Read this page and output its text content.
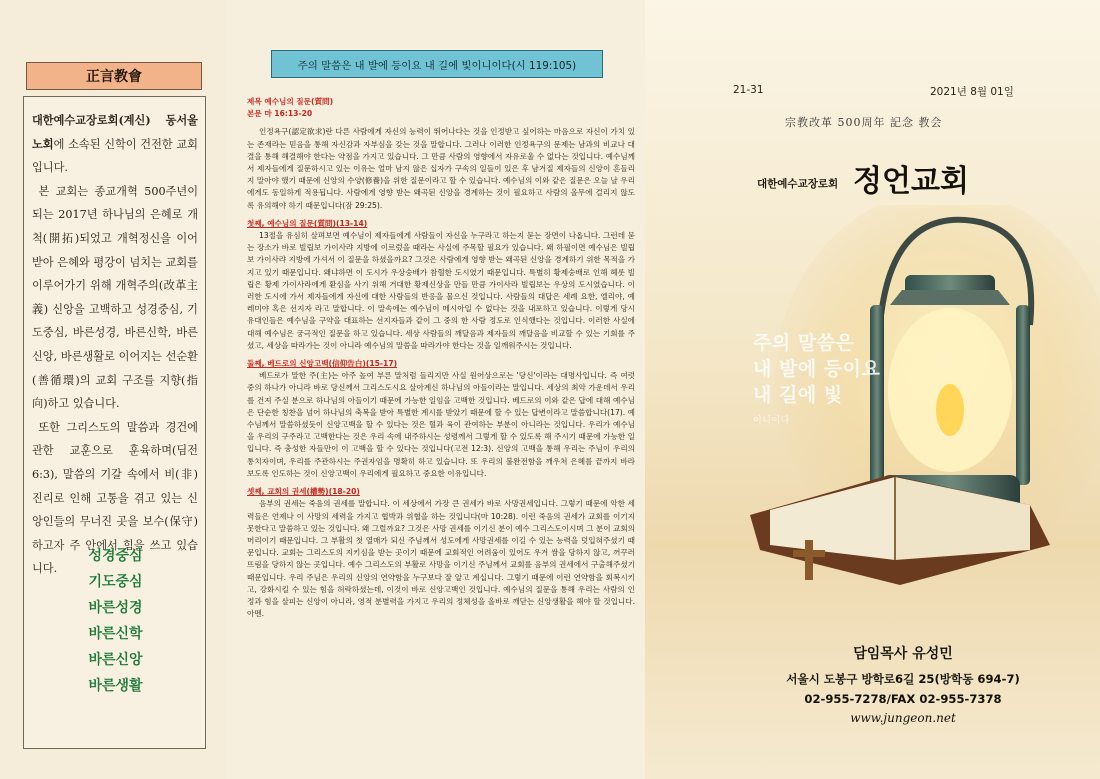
正言教會

대한예수교장로회(계신) 동서울 노회에 소속된 신학이 건전한 교회입니다.

본 교회는 종교개혁 500주년이 되는 2017년 하나님의 은혜로 개척(開拓)되었고 개혁정신을 이어받아 은혜와 평강이 넘치는 교회를 이루어가기 위해 개혁주의(改革主義) 신앙을 고백하고 성경중심, 기도중심, 바른성경, 바른신학, 바른신앙, 바른생활로 이어지는 선순환(善循環)의 교회 구조를 지향(指向)하고 있습니다.

또한 그리스도의 말씀과 경건에 관한 교훈으로 훈육하며(딤전 6:3), 말씀의 기갈 속에서 비(非) 진리로 인해 고통을 겪고 있는 신앙인들의 무너진 곳을 보수(保守)하고자 주 안에서 힘을 쓰고 있습니다.

성경중심
기도중심
바른성경
바른신학
바른신앙
바른생활
주의 말씀은 내 발에 등이요 내 길에 빛이니이다(시 119:105)
제목 예수님의 질문(質問)
본문 마 16:13-20

인정욕구(認定欲求)란 다른 사람에게 자신의 능력이 뛰어나다는 것을 인정받고 싶어하는 마음으로 자신이 가치 있는 존재라는 믿음을 통해 자신감과 자부심을 갖는 것을 말합니다. 그러나 이러한 인정욕구의 문제는 남과의 비교나 대결을 통해 해결해야 한다는 약점을 가지고 있습니다. 그 만큼 사람의 영향에서 자유로울 수 없다는 것입니다. 예수님께서 제자들에게 질문하시고 있는 이유는 얼마 남지 않은 십자가 구속의 일들이 있은 후 남겨질 제자들의 신앙이 흔들리지 말아야 했기 때문에 신앙의 수양(修養)을 위한 질문이라고 할 수 있습니다. 예수님의 이와 같은 질문은 오늘 날 우리에게도 동일하게 적용됩니다. 사람에게 영향 받는 왜곡된 신앙을 경계하는 것이 필요하고 사람의 올무에 걸리지 않도록 유의해야 하기 때문입니다(잠 29:25).

첫째, 예수님의 질문(質問)(13-14)

13절을 유심히 살펴보면 예수님이 제자들에게 사람들이 자신을 누구라고 하는지 묻는 장면이 나옵니다. 그런데 묻는 장소가 바로 빌립보 가이사랴 지방에 이르렀을 때라는 사실에 주목할 필요가 있습니다. 왜 하필이면 예수님은 빌립보 가이사랴 지방에 가셔서 이 질문을 하셨을까요? 그것은 사람에게 영향 받는 왜곡된 신앙을 경계하기 위한 목적을 가지고 있기 때문입니다. 왜냐하면 이 도시가 우상숭배가 참혈한 도시였기 때문입니다. 특별히 황제숭배로 인해 헤롯 빌립은 황제 가이사라에게 환심을 사기 위해 거대한 황제신상을 만들 만큼 가이사라 빌립보는 우상의 도시였습니다. 이러한 도시에 가서 제자들에게 자신에 대한 사람들의 반응을 물으신 것입니다. 사람들의 대답은 세례 요한, 엘리야, 예레미야 혹은 선지자 라고 말합니다. 이 말속에는 예수님이 메시아일 수 없다는 것을 내포하고 있습니다. 이렇게 당시 유대인들은 예수님을 구약을 대표하는 선지자들과 같이 그 중의 한 사람 정도로 인식했다는 것입니다. 이러한 사실에 대해 예수님은 궁극적인 질문을 하고 있습니다. 세상 사람들의 깨달음과 제자들의 깨달음을 비교할 수 있는 기회를 주셨고, 세상을 따라가는 것이 아니라 예수님의 말씀을 따라가야 한다는 것을 일깨워주시는 것입니다.

둘째, 베드로의 신앙고백(信仰告白)(15-17)

베드로가 말한 주(主)는 아주 높여 부른 말처럼 들리지만 사실 원어상으로는 '당신'이라는 대명사입니다. 즉 여럿 중의 하나가 아니라 바로 당신께서 그리스도시요 살아계신 하나님의 아들이라는 말입니다. 세상의 최악 가운데서 우리를 건져 주실 분으로 하나님의 아들이기 때문에 가능한 일임을 고백한 것입니다. 베드로의 이와 같은 답에 대해 예수님은 단순한 칭찬을 넘어 하나님의 축복을 받아 특별한 계시를 받았기 때문에 할 수 있는 답변이라고 말씀합니다(17). 예수님께서 말씀하셨듯이 신앙고백을 할 수 있다는 것은 혈과 육이 관여하는 부분이 아니라는 것입니다. 우리가 예수님을 우리의 구주라고 고백한다는 것은 우리 속에 내주하시는 성령께서 그렇게 할 수 있도록 해 주시기 때문에 가능한 일입니다. 즉 충성한 자들만이 이 고백을 할 수 있다는 것입니다(고전 12:3). 신앙의 고백을 통해 우리는 주님이 우리의 통치자이며, 우리를 주관하시는 주권자임을 명확히 하고 있습니다. 또 우리의 불완전함을 깨우쳐 은혜를 끝까지 바라보도록 인도하는 것이 신앙고백이 우리에게 필요하고 중요한 이유입니다.

셋째, 교회의 권세(權勢)(18-20)

음부의 권세는 죽음의 권세를 말합니다. 이 세상에서 가장 큰 권세가 바로 사망권세입니다. 그렇기 때문에 악한 세력들은 언제나 이 사망의 세력을 가지고 협박과 위협을 하는 것입니다(마 10:28). 이런 죽음의 권세가 교회를 이기지 못한다고 말씀하고 있는 것입니다. 왜 그럴까요? 그것은 사망 권세를 이기신 분이 예수 그리스도이시며 그 분이 교회의 머리이기 때문입니다. 그 부활의 첫 열매가 되신 주님께서 성도에게 사망권세를 이길 수 있는 능력을 덧입혀주셨기 때문입니다. 교회는 그리스도의 지키심을 받는 곳이기 때문에 교회적인 어려움이 있어도 우겨 쌈을 당하지 않고, 꺼꾸러뜨림을 당하지 않는 곳입니다. 예수 그리스도의 부활로 사망을 이기신 주님께서 교회를 음부의 권세에서 구출해주셨기 때문입니다. 우리 주님은 우리의 신앙의 연약함을 누구보다 잘 알고 계십니다. 그렇기 때문에 이런 연약함을 회복시키고, 강화시킬 수 있는 힘을 허락하셨는데, 이것이 바로 신앙고백인 것입니다. 예수님의 질문을 통해 우리는 사람의 인정과 힘을 살피는 신앙이 아니라, 영적 분별력을 가지고 우리의 정체성을 올바로 깨닫는 신앙생활을 해야 할 것입니다. 아멘.

21-31	2021년 8월 01일
宗教改革 500周年 記念 教会
대한예수교장로회 정언교회
주의 말씀은
내 발에 등이요
내 길에 빛
이니이다
담임목사 유성민
서울시 도봉구 방학로6길 25(방학동 694-7)
02-955-7278/FAX 02-955-7378
www.jungeon.net
